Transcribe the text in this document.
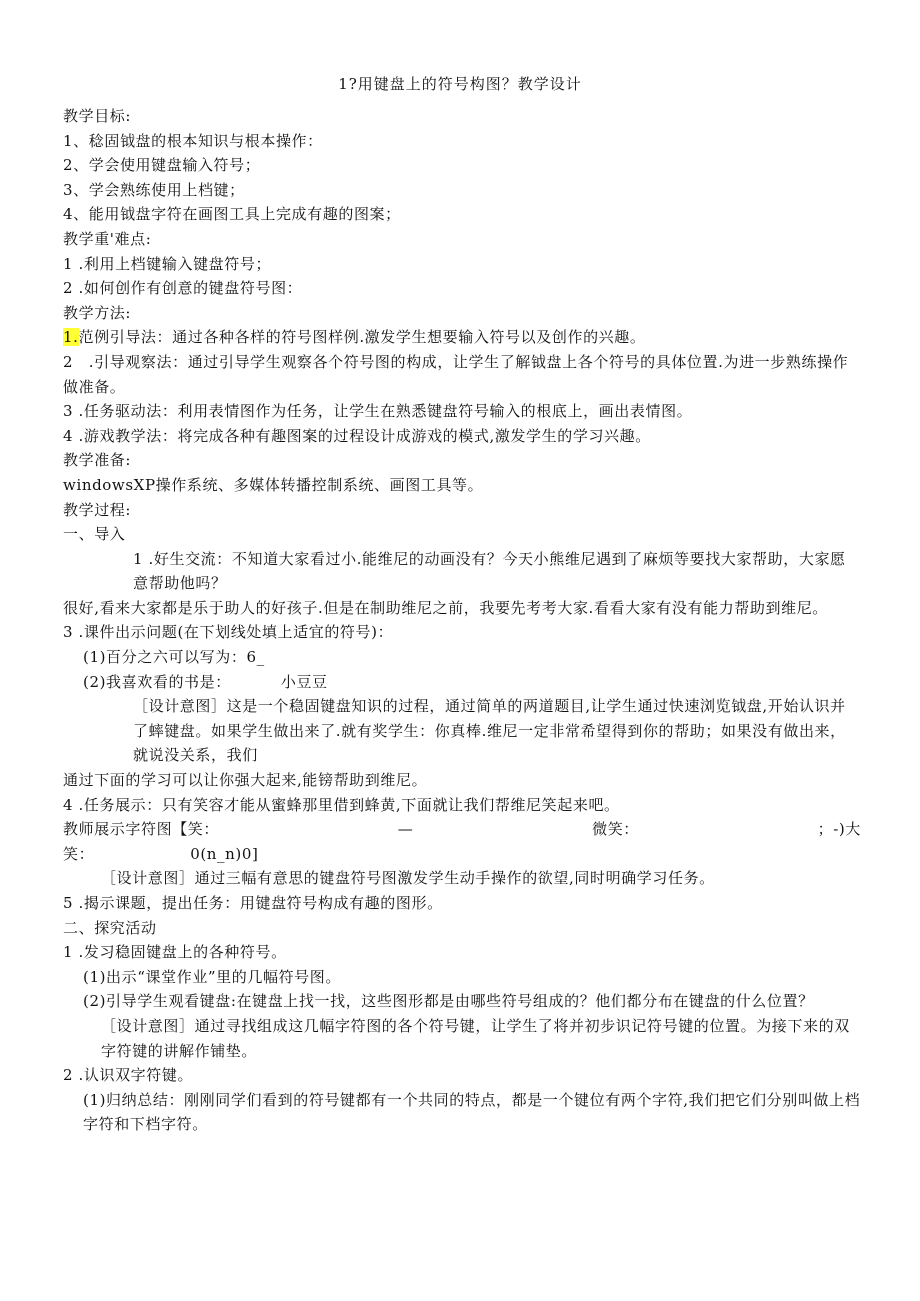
1?用键盘上的符号构图？教学设计

教学目标:

1、稔固钺盘的根本知识与根本操作：

2、学会使用键盘输入符号；

3、学会熟练使用上档键；

4、能用钺盘字符在画图工具上完成有趣的图案；

教学重'难点:

1 .利用上档键输入键盘符号；

2 .如何创作有创意的键盘符号图：

教学方法:

1.范例引导法：通过各种各样的符号图样例.激发学生想要输入符号以及创作的兴趣。

2　.引导观察法：通过引导学生观察各个符号图的构成，让学生了解钺盘上各个符号的具体位置.为进一步熟练操作做准备。

3 .任务驱动法：利用表情图作为任务，让学生在熟悉键盘符号输入的根底上，画出表情图。

4 .游戏教学法：将完成各种有趣图案的过程设计成游戏的模式,激发学生的学习兴趣。

教学准备:

windowsXP操作系统、多媒体转播控制系统、画图工具等。

教学过程:

一、导入

1 .好生交流：不知道大家看过小.能维尼的动画没有？今天小熊维尼遇到了麻烦等要找大家帮助，大家愿意帮助他吗？

很好,看来大家都是乐于助人的好孩子.但是在制助维尼之前，我要先考考大家.看看大家有没有能力帮助到维尼。

3 .课件出示问题(在下划线处填上适宜的符号)：

(1)百分之六可以写为：6_

(2)我喜欢看的书是：	小豆豆

［设计意图］这是一个稳固键盘知识的过程，通过简单的两道题目,让学生通过快速浏览钺盘,开始认识并了蟀键盘。如果学生做出来了.就有奖学生：你真棒.维尼一定非常希望得到你的帮助；如果没有做出来，就说没关系，我们

通过下面的学习可以让你强大起来,能镑帮助到维尼。

4 .任务展示：只有笑容才能从蜜蜂那里借到蜂黄,下面就让我们帮维尼笑起来吧。

教师展示字符图【笑：	—	微笑：	；-)大

笑：	0(n_n)0]

［设计意图］通过三幅有意思的键盘符号图激发学生动手操作的欲望,同时明确学习任务。

5 .揭示课题，提出任务：用键盘符号构成有趣的图形。

二、探究活动

1 .发习稳固键盘上的各种符号。

(1)出示“课堂作业”里的几幅符号图。

(2)引导学生观看键盘:在键盘上找一找，这些图形都是由哪些符号组成的？他们都分布在键盘的什么位置？

［设计意图］通过寻找组成这几幅字符图的各个符号键，让学生了将并初步识记符号键的位置。为接下来的双字符键的讲解作铺垫。

2 .认识双字符键。

(1)归纳总结：刚刚同学们看到的符号键都有一个共同的特点，都是一个键位有两个字符,我们把它们分别叫做上档字符和下档字符。
